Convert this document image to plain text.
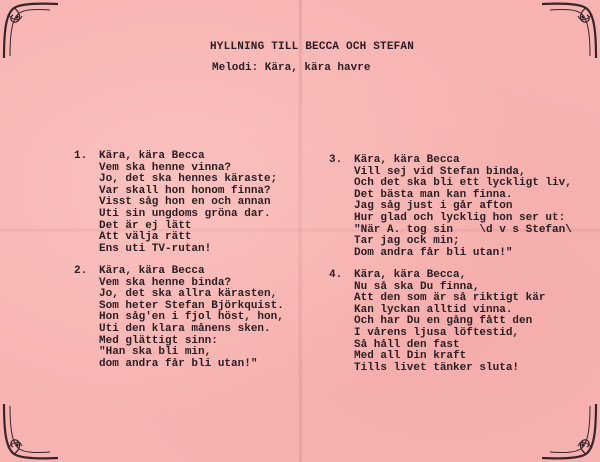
HYLLNING TILL BECCA OCH STEFAN
Melodi: Kära, kära havre
1. Kära, kära Becca
Vem ska henne vinna?
Jo, det ska hennes käraste;
Var skall hon honom finna?
Visst såg hon en och annan
Uti sin ungdoms gröna dar.
Det är ej lätt
Att välja rätt
Ens uti TV-rutan!
2. Kära, kära Becca
Vem ska henne binda?
Jo, det ska allra kärasten,
Som heter Stefan Björkquist.
Hon såg'en i fjol höst, hon,
Uti den klara månens sken.
Med glättigt sinn:
"Han ska bli min,
dom andra får bli utan!"
3. Kära, kära Becca
Vill sej vid Stefan binda,
Och det ska bli ett lyckligt liv,
Det bästa man kan finna.
Jag såg just i går afton
Hur glad och lycklig hon ser ut:
"När A. tog sin    \d v s Stefan\
Tar jag ock min;
Dom andra får bli utan!"
4. Kära, kära Becca,
Nu så ska Du finna,
Att den som är så riktigt kär
Kan lyckan alltid vinna.
Och har Du en gång fått den
I vårens ljusa löftestid,
Så håll den fast
Med all Din kraft
Tills livet tänker sluta!
